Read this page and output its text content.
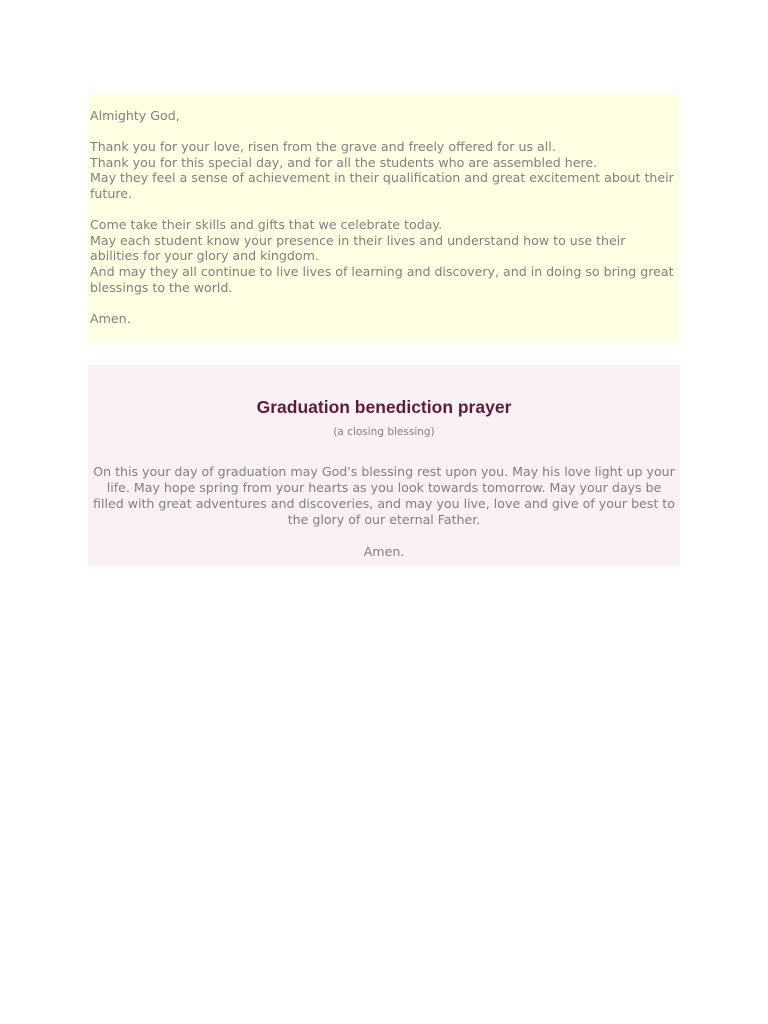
Almighty God,

Thank you for your love, risen from the grave and freely offered for us all.
Thank you for this special day, and for all the students who are assembled here.
May they feel a sense of achievement in their qualification and great excitement about their future.

Come take their skills and gifts that we celebrate today.
May each student know your presence in their lives and understand how to use their abilities for your glory and kingdom.
And may they all continue to live lives of learning and discovery, and in doing so bring great blessings to the world.

Amen.

Graduation benediction prayer
(a closing blessing)
On this your day of graduation may God's blessing rest upon you. May his love light up your life. May hope spring from your hearts as you look towards tomorrow. May your days be filled with great adventures and discoveries, and may you live, love and give of your best to the glory of our eternal Father.
Amen.
